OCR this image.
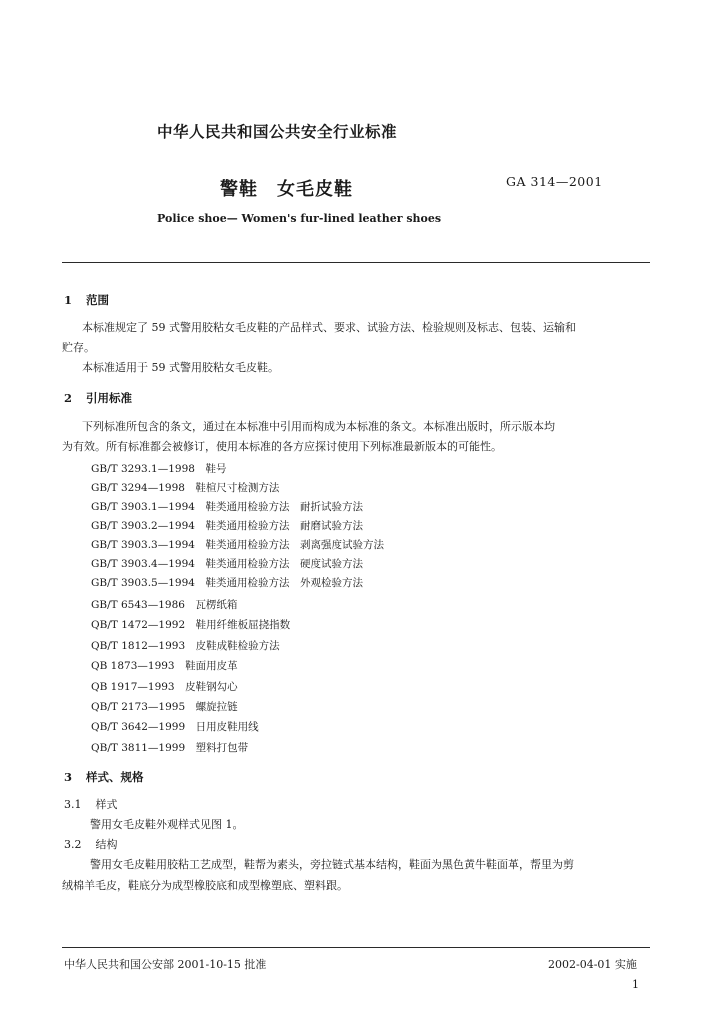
中华人民共和国公共安全行业标准
警鞋　女毛皮鞋	GA 314—2001
Police shoe— Women's fur-lined leather shoes
1 范围
本标准规定了 59 式警用胶粘女毛皮鞋的产品样式、要求、试验方法、检验规则及标志、包装、运输和
贮存。
本标准适用于 59 式警用胶粘女毛皮鞋。
2 引用标准
下列标准所包含的条文，通过在本标准中引用而构成为本标准的条文。本标准出版时，所示版本均
为有效。所有标准都会被修订，使用本标准的各方应探讨使用下列标准最新版本的可能性。
GB/T 3293.1—1998　鞋号
GB/T 3294—1998　鞋楦尺寸检测方法
GB/T 3903.1—1994　鞋类通用检验方法　耐折试验方法
GB/T 3903.2—1994　鞋类通用检验方法　耐磨试验方法
GB/T 3903.3—1994　鞋类通用检验方法　剥离强度试验方法
GB/T 3903.4—1994　鞋类通用检验方法　硬度试验方法
GB/T 3903.5—1994　鞋类通用检验方法　外观检验方法
GB/T 6543—1986　瓦楞纸箱
QB/T 1472—1992　鞋用纤维板屈挠指数
QB/T 1812—1993　皮鞋成鞋检验方法
QB 1873—1993　鞋面用皮革
QB 1917—1993　皮鞋钢勾心
QB/T 2173—1995　螺旋拉链
QB/T 3642—1999　日用皮鞋用线
QB/T 3811—1999　塑料打包带
3 样式、规格
3.1 样式
警用女毛皮鞋外观样式见图 1。
3.2 结构
警用女毛皮鞋用胶粘工艺成型，鞋帮为素头，旁拉链式基本结构，鞋面为黑色黄牛鞋面革，帮里为剪
绒棉羊毛皮，鞋底分为成型橡胶底和成型橡塑底、塑料跟。
中华人民共和国公安部 2001-10-15 批准	2002-04-01 实施
1
